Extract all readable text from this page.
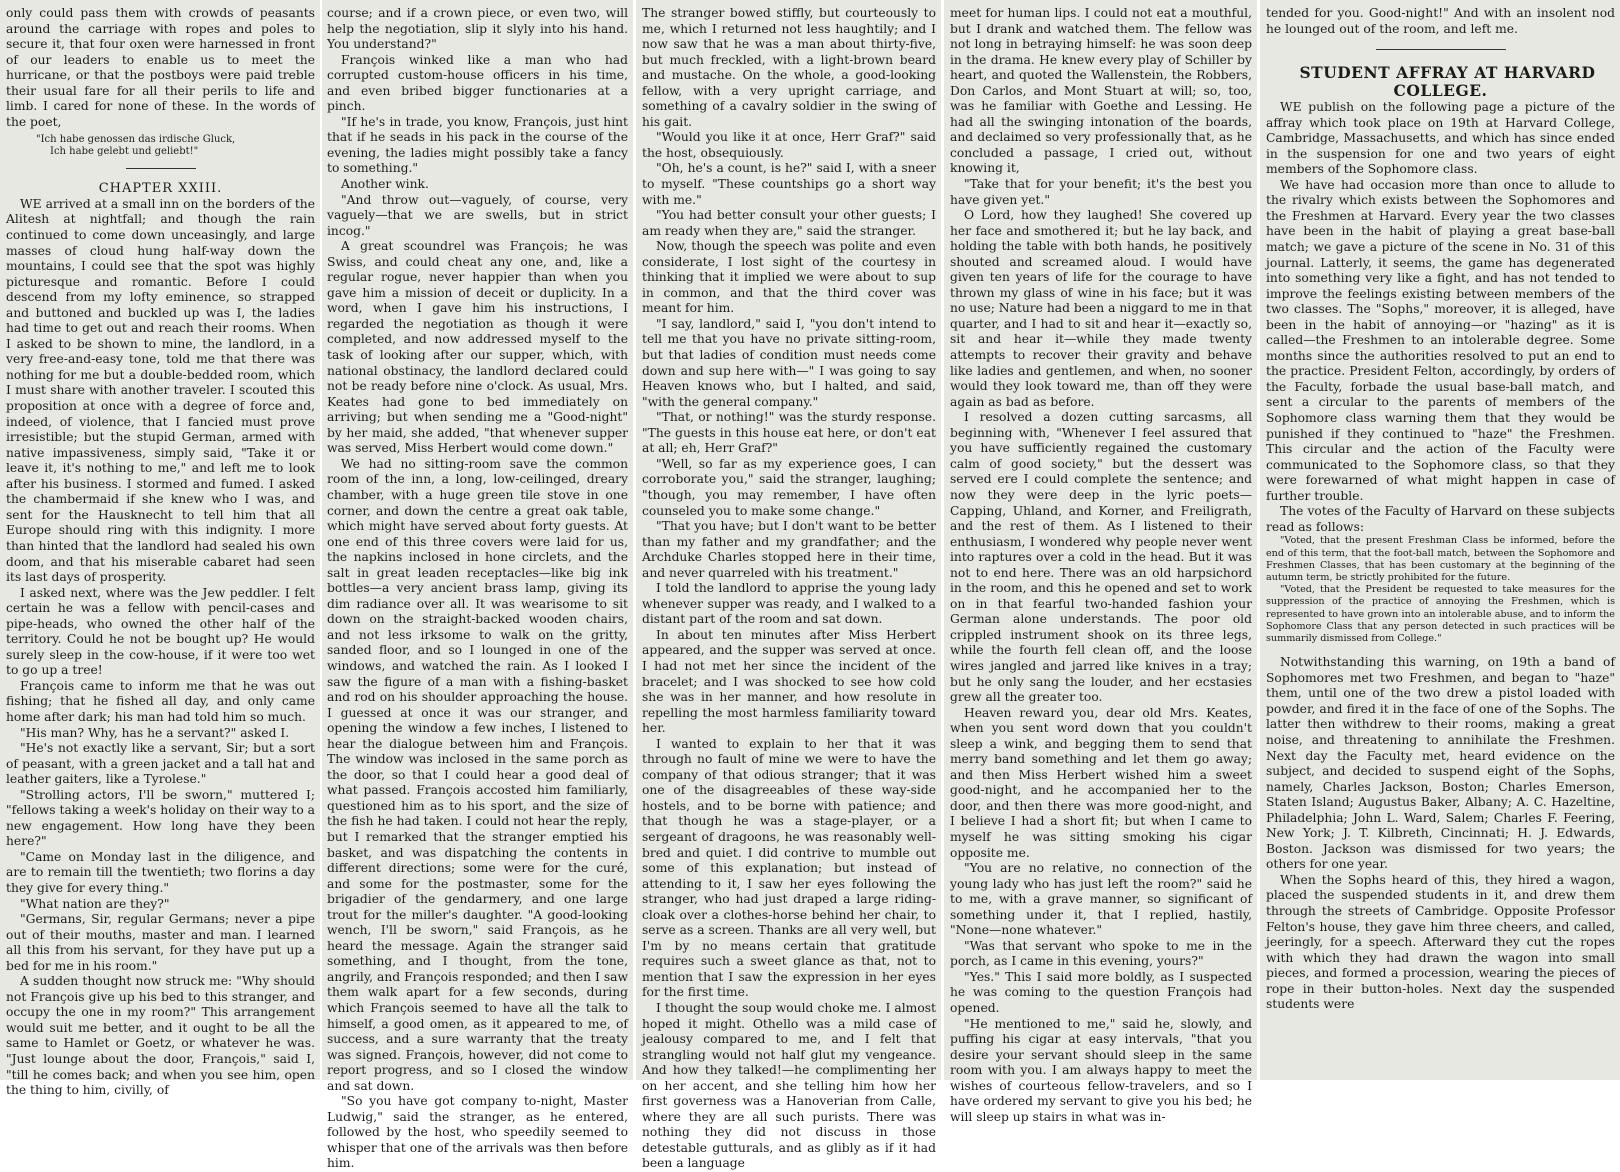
only could pass them with crowds of peasants around the carriage with ropes and poles to secure it, that four oxen were harnessed in front of our leaders to enable us to meet the hurricane, or that the postboys were paid treble their usual fare for all their perils to life and limb. I cared for none of these. In the words of the poet,

"Ich habe genossen das irdische Gluck,
Ich habe gelebt und geliebt!"

CHAPTER XXIII.

WE arrived at a small inn on the borders of the Alitesh at nightfall; and though the rain continued to come down unceasingly, and large masses of cloud hung half-way down the mountains, I could see that the spot was highly picturesque and romantic. Before I could descend from my lofty eminence, so strapped and buttoned and buckled up was I, the ladies had time to get out and reach their rooms. When I asked to be shown to mine, the landlord, in a very free-and-easy tone, told me that there was nothing for me but a double-bedded room, which I must share with another traveler. I scouted this proposition at once with a degree of force and, indeed, of violence, that I fancied must prove irresistible; but the stupid German, armed with native impassiveness, simply said, "Take it or leave it, it's nothing to me," and left me to look after his business. I stormed and fumed. I asked the chambermaid if she knew who I was, and sent for the Hausknecht to tell him that all Europe should ring with this indignity. I more than hinted that the landlord had sealed his own doom, and that his miserable cabaret had seen its last days of prosperity.

I asked next, where was the Jew peddler. I felt certain he was a fellow with pencil-cases and pipe-heads, who owned the other half of the territory. Could he not be bought up? He would surely sleep in the cow-house, if it were too wet to go up a tree!

François came to inform me that he was out fishing; that he fished all day, and only came home after dark; his man had told him so much.

"His man? Why, has he a servant?" asked I.

"He's not exactly like a servant, Sir; but a sort of peasant, with a green jacket and a tall hat and leather gaiters, like a Tyrolese."

"Strolling actors, I'll be sworn," muttered I; "fellows taking a week's holiday on their way to a new engagement. How long have they been here?"

"Came on Monday last in the diligence, and are to remain till the twentieth; two florins a day they give for every thing."

"What nation are they?"

"Germans, Sir, regular Germans; never a pipe out of their mouths, master and man. I learned all this from his servant, for they have put up a bed for me in his room."

A sudden thought now struck me: "Why should not François give up his bed to this stranger, and occupy the one in my room?" This arrangement would suit me better, and it ought to be all the same to Hamlet or Goetz, or whatever he was. "Just lounge about the door, François," said I, "till he comes back; and when you see him, open the thing to him, civilly, of

course; and if a crown piece, or even two, will help the negotiation, slip it slyly into his hand. You understand?"

François winked like a man who had corrupted custom-house officers in his time, and even bribed bigger functionaries at a pinch.

"If he's in trade, you know, François, just hint that if he seads in his pack in the course of the evening, the ladies might possibly take a fancy to something."

Another wink.

"And throw out—vaguely, of course, very vaguely—that we are swells, but in strict incog."

A great scoundrel was François; he was Swiss, and could cheat any one, and, like a regular rogue, never happier than when you gave him a mission of deceit or duplicity. In a word, when I gave him his instructions, I regarded the negotiation as though it were completed, and now addressed myself to the task of looking after our supper, which, with national obstinacy, the landlord declared could not be ready before nine o'clock. As usual, Mrs. Keates had gone to bed immediately on arriving; but when sending me a "Good-night" by her maid, she added, "that whenever supper was served, Miss Herbert would come down."

We had no sitting-room save the common room of the inn, a long, low-ceilinged, dreary chamber, with a huge green tile stove in one corner, and down the centre a great oak table, which might have served about forty guests. At one end of this three covers were laid for us, the napkins inclosed in hone circlets, and the salt in great leaden receptacles—like big ink bottles—a very ancient brass lamp, giving its dim radiance over all. It was wearisome to sit down on the straight-backed wooden chairs, and not less irksome to walk on the gritty, sanded floor, and so I lounged in one of the windows, and watched the rain. As I looked I saw the figure of a man with a fishing-basket and rod on his shoulder approaching the house. I guessed at once it was our stranger, and opening the window a few inches, I listened to hear the dialogue between him and François. The window was inclosed in the same porch as the door, so that I could hear a good deal of what passed. François accosted him familiarly, questioned him as to his sport, and the size of the fish he had taken. I could not hear the reply, but I remarked that the stranger emptied his basket, and was dispatching the contents in different directions; some were for the curé, and some for the postmaster, some for the brigadier of the gendarmery, and one large trout for the miller's daughter. "A good-looking wench, I'll be sworn," said François, as he heard the message. Again the stranger said something, and I thought, from the tone, angrily, and François responded; and then I saw them walk apart for a few seconds, during which François seemed to have all the talk to himself, a good omen, as it appeared to me, of success, and a sure warranty that the treaty was signed. François, however, did not come to report progress, and so I closed the window and sat down.

"So you have got company to-night, Master Ludwig," said the stranger, as he entered, followed by the host, who speedily seemed to whisper that one of the arrivals was then before him.

The stranger bowed stiffly, but courteously to me, which I returned not less haughtily; and I now saw that he was a man about thirty-five, but much freckled, with a light-brown beard and mustache. On the whole, a good-looking fellow, with a very upright carriage, and something of a cavalry soldier in the swing of his gait.

"Would you like it at once, Herr Graf?" said the host, obsequiously.

"Oh, he's a count, is he?" said I, with a sneer to myself. "These countships go a short way with me."

"You had better consult your other guests; I am ready when they are," said the stranger.

Now, though the speech was polite and even considerate, I lost sight of the courtesy in thinking that it implied we were about to sup in common, and that the third cover was meant for him.

"I say, landlord," said I, "you don't intend to tell me that you have no private sitting-room, but that ladies of condition must needs come down and sup here with—" I was going to say Heaven knows who, but I halted, and said, "with the general company."

"That, or nothing!" was the sturdy response. "The guests in this house eat here, or don't eat at all; eh, Herr Graf?"

"Well, so far as my experience goes, I can corroborate you," said the stranger, laughing; "though, you may remember, I have often counseled you to make some change."

"That you have; but I don't want to be better than my father and my grandfather; and the Archduke Charles stopped here in their time, and never quarreled with his treatment."

I told the landlord to apprise the young lady whenever supper was ready, and I walked to a distant part of the room and sat down.

In about ten minutes after Miss Herbert appeared, and the supper was served at once. I had not met her since the incident of the bracelet; and I was shocked to see how cold she was in her manner, and how resolute in repelling the most harmless familiarity toward her.

I wanted to explain to her that it was through no fault of mine we were to have the company of that odious stranger; that it was one of the disagreeables of these way-side hostels, and to be borne with patience; and that though he was a stage-player, or a sergeant of dragoons, he was reasonably well-bred and quiet. I did contrive to mumble out some of this explanation; but instead of attending to it, I saw her eyes following the stranger, who had just draped a large riding-cloak over a clothes-horse behind her chair, to serve as a screen. Thanks are all very well, but I'm by no means certain that gratitude requires such a sweet glance as that, not to mention that I saw the expression in her eyes for the first time.

I thought the soup would choke me. I almost hoped it might. Othello was a mild case of jealousy compared to me, and I felt that strangling would not half glut my vengeance. And how they talked!—he complimenting her on her accent, and she telling him how her first governess was a Hanoverian from Calle, where they are all such purists. There was nothing they did not discuss in those detestable gutturals, and as glibly as if it had been a language

meet for human lips. I could not eat a mouthful, but I drank and watched them. The fellow was not long in betraying himself: he was soon deep in the drama. He knew every play of Schiller by heart, and quoted the Wallenstein, the Robbers, Don Carlos, and Mont Stuart at will; so, too, was he familiar with Goethe and Lessing. He had all the swinging intonation of the boards, and declaimed so very professionally that, as he concluded a passage, I cried out, without knowing it,

"Take that for your benefit; it's the best you have given yet."

O Lord, how they laughed! She covered up her face and smothered it; but he lay back, and holding the table with both hands, he positively shouted and screamed aloud. I would have given ten years of life for the courage to have thrown my glass of wine in his face; but it was no use; Nature had been a niggard to me in that quarter, and I had to sit and hear it—exactly so, sit and hear it—while they made twenty attempts to recover their gravity and behave like ladies and gentlemen, and when, no sooner would they look toward me, than off they were again as bad as before.

I resolved a dozen cutting sarcasms, all beginning with, "Whenever I feel assured that you have sufficiently regained the customary calm of good society," but the dessert was served ere I could complete the sentence; and now they were deep in the lyric poets—Capping, Uhland, and Korner, and Freiligrath, and the rest of them. As I listened to their enthusiasm, I wondered why people never went into raptures over a cold in the head. But it was not to end here. There was an old harpsichord in the room, and this he opened and set to work on in that fearful two-handed fashion your German alone understands. The poor old crippled instrument shook on its three legs, while the fourth fell clean off, and the loose wires jangled and jarred like knives in a tray; but he only sang the louder, and her ecstasies grew all the greater too.

Heaven reward you, dear old Mrs. Keates, when you sent word down that you couldn't sleep a wink, and begging them to send that merry band something and let them go away; and then Miss Herbert wished him a sweet good-night, and he accompanied her to the door, and then there was more good-night, and I believe I had a short fit; but when I came to myself he was sitting smoking his cigar opposite me.

"You are no relative, no connection of the young lady who has just left the room?" said he to me, with a grave manner, so significant of something under it, that I replied, hastily, "None—none whatever."

"Was that servant who spoke to me in the porch, as I came in this evening, yours?"

"Yes." This I said more boldly, as I suspected he was coming to the question François had opened.

"He mentioned to me," said he, slowly, and puffing his cigar at easy intervals, "that you desire your servant should sleep in the same room with you. I am always happy to meet the wishes of courteous fellow-travelers, and so I have ordered my servant to give you his bed; he will sleep up stairs in what was in-

tended for you. Good-night!" And with an insolent nod he lounged out of the room, and left me.

STUDENT AFFRAY AT HARVARD COLLEGE.

WE publish on the following page a picture of the affray which took place on 19th at Harvard College, Cambridge, Massachusetts, and which has since ended in the suspension for one and two years of eight members of the Sophomore class.

We have had occasion more than once to allude to the rivalry which exists between the Sophomores and the Freshmen at Harvard. Every year the two classes have been in the habit of playing a great base-ball match; we gave a picture of the scene in No. 31 of this journal. Latterly, it seems, the game has degenerated into something very like a fight, and has not tended to improve the feelings existing between members of the two classes. The "Sophs," moreover, it is alleged, have been in the habit of annoying—or "hazing" as it is called—the Freshmen to an intolerable degree. Some months since the authorities resolved to put an end to the practice. President Felton, accordingly, by orders of the Faculty, forbade the usual base-ball match, and sent a circular to the parents of members of the Sophomore class warning them that they would be punished if they continued to "haze" the Freshmen. This circular and the action of the Faculty were communicated to the Sophomore class, so that they were forewarned of what might happen in case of further trouble.

The votes of the Faculty of Harvard on these subjects read as follows:

"Voted, that the present Freshman Class be informed, before the end of this term, that the foot-ball match, between the Sophomore and Freshmen Classes, that has been customary at the beginning of the autumn term, be strictly prohibited for the future.

"Voted, that the President be requested to take measures for the suppression of the practice of annoying the Freshmen, which is represented to have grown into an intolerable abuse, and to inform the Sophomore Class that any person detected in such practices will be summarily dismissed from College."

Notwithstanding this warning, on 19th a band of Sophomores met two Freshmen, and began to "haze" them, until one of the two drew a pistol loaded with powder, and fired it in the face of one of the Sophs. The latter then withdrew to their rooms, making a great noise, and threatening to annihilate the Freshmen. Next day the Faculty met, heard evidence on the subject, and decided to suspend eight of the Sophs, namely, Charles Jackson, Boston; Charles Emerson, Staten Island; Augustus Baker, Albany; A. C. Hazeltine, Philadelphia; John L. Ward, Salem; Charles F. Feering, New York; J. T. Kilbreth, Cincinnati; H. J. Edwards, Boston. Jackson was dismissed for two years; the others for one year.

When the Sophs heard of this, they hired a wagon, placed the suspended students in it, and drew them through the streets of Cambridge. Opposite Professor Felton's house, they gave him three cheers, and called, jeeringly, for a speech. Afterward they cut the ropes with which they had drawn the wagon into small pieces, and formed a procession, wearing the pieces of rope in their button-holes. Next day the suspended students were
